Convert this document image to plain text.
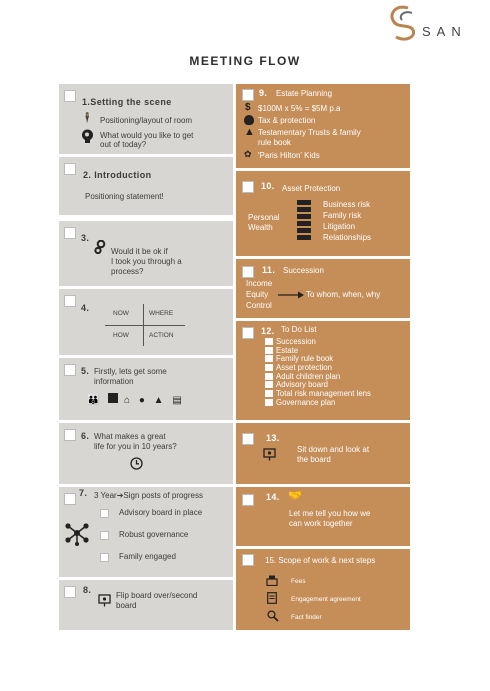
SAN
MEETING FLOW
1.Setting the scene
🕴 Positioning/layout of room
What would you like to get
out of today?
2. Introduction
Positioning statement!
3.
Would it be ok if
I took you through a
process?
4.
NOW	WHERE
HOW	ACTION
5. Firstly, lets get some
information
👪 ⌂ ● ▲ ▤
6. What makes a great
life for you in 10 years?
7. 3 Year➔Sign posts of progress
Advisory board in place
Robust governance
Family engaged
8.
Flip board over/second
board
9. Estate Planning
$ $100M x 5% = $5M p.a
Tax & protection
▲ Testamentary Trusts & family
rule book
✿ 'Paris Hilton' Kids
10. Asset Protection
Personal
Wealth
Business risk
Family risk
Litigation
Relationships
11. Succession
Income
Equity
Control
To whom, when, why
12. To Do List
Succession
Estate
Family rule book
Asset protection
Adult children plan
Advisory board
Total risk management lens
Governance plan
13.
Sit down and look at
the board
14. 🤝
Let me tell you how we
can work together
15. Scope of work & next steps
Fees
Engagement agreement
Fact finder
